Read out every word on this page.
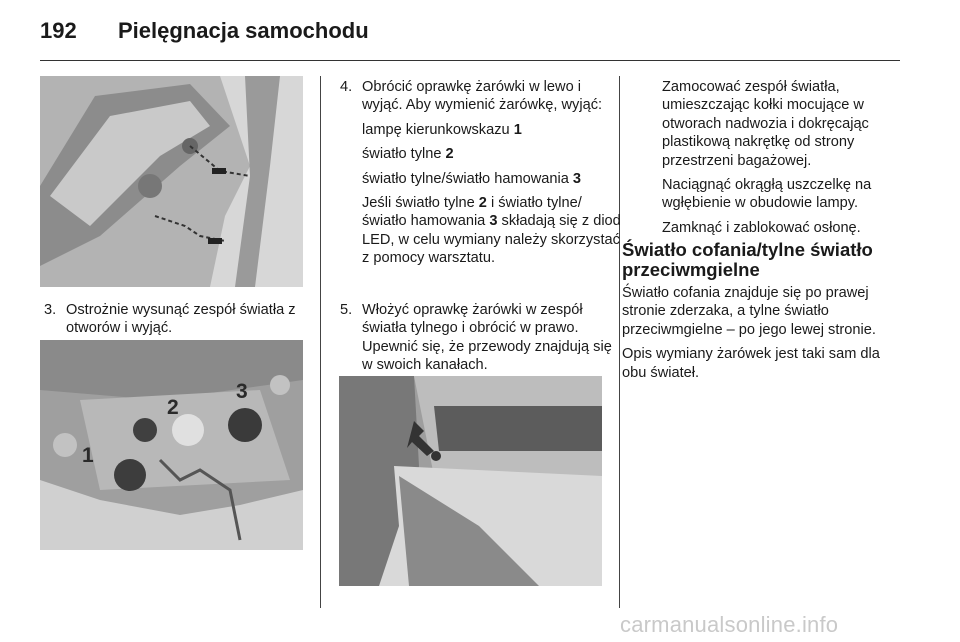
192 Pielęgnacja samochodu
3. Ostrożnie wysunąć zespół światła z otworów i wyjąć.
1
2
3
4. Obrócić oprawkę żarówki w lewo i wyjąć. Aby wymienić żarówkę, wyjąć:
lampę kierunkowskazu 1
światło tylne 2
światło tylne/światło hamowania 3
Jeśli światło tylne 2 i światło tylne/ światło hamowania 3 składają się z diod LED, w celu wymiany należy skorzystać z pomocy warsztatu.
5. Włożyć oprawkę żarówki w zespół światła tylnego i obrócić w prawo. Upewnić się, że przewody znajdują się w swoich kanałach.

Zamocować zespół światła, umieszczając kołki mocujące w otworach nadwozia i dokręcając plastikową nakrętkę od strony przestrzeni bagażowej.

Naciągnąć okrągłą uszczelkę na wgłębienie w obudowie lampy.

Zamknąć i zablokować osłonę.

Światło cofania/tylne światło przeciwmgielne

Światło cofania znajduje się po prawej stronie zderzaka, a tylne światło przeciwmgielne – po jego lewej stronie.

Opis wymiany żarówek jest taki sam dla obu świateł.

carmanualsonline.info
